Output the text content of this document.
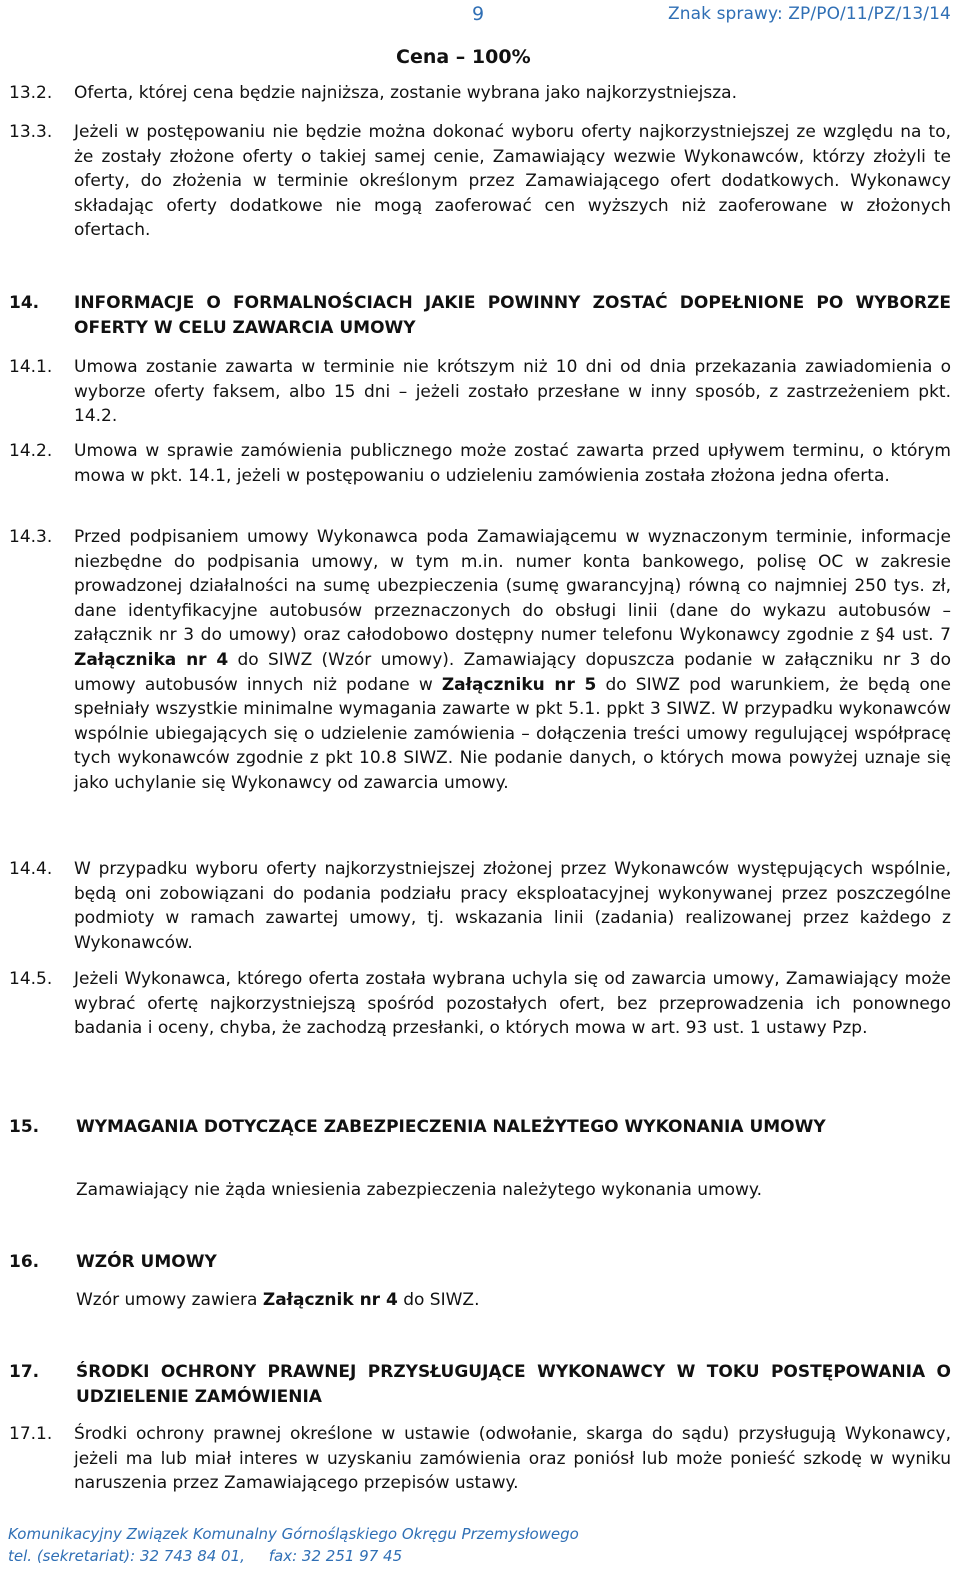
9	Znak sprawy: ZP/PO/11/PZ/13/14
Cena – 100%
13.2. Oferta, której cena będzie najniższa, zostanie wybrana jako najkorzystniejsza.
13.3. Jeżeli w postępowaniu nie będzie można dokonać wyboru oferty najkorzystniejszej ze względu na to, że zostały złożone oferty o takiej samej cenie, Zamawiający wezwie Wykonawców, którzy złożyli te oferty, do złożenia w terminie określonym przez Zamawiającego ofert dodatkowych. Wykonawcy składając oferty dodatkowe nie mogą zaoferować cen wyższych niż zaoferowane w złożonych ofertach.
14. INFORMACJE O FORMALNOŚCIACH JAKIE POWINNY ZOSTAĆ DOPEŁNIONE PO WYBORZE OFERTY W CELU ZAWARCIA UMOWY
14.1. Umowa zostanie zawarta w terminie nie krótszym niż 10 dni od dnia przekazania zawiadomienia o wyborze oferty faksem, albo 15 dni – jeżeli zostało przesłane w inny sposób, z zastrzeżeniem pkt. 14.2.
14.2. Umowa w sprawie zamówienia publicznego może zostać zawarta przed upływem terminu, o którym mowa w pkt. 14.1, jeżeli w postępowaniu o udzieleniu zamówienia została złożona jedna oferta.
14.3. Przed podpisaniem umowy Wykonawca poda Zamawiającemu w wyznaczonym terminie, informacje niezbędne do podpisania umowy, w tym m.in. numer konta bankowego, polisę OC w zakresie prowadzonej działalności na sumę ubezpieczenia (sumę gwarancyjną) równą co najmniej 250 tys. zł, dane identyfikacyjne autobusów przeznaczonych do obsługi linii (dane do wykazu autobusów – załącznik nr 3 do umowy) oraz całodobowo dostępny numer telefonu Wykonawcy zgodnie z §4 ust. 7 Załącznika nr 4 do SIWZ (Wzór umowy). Zamawiający dopuszcza podanie w załączniku nr 3 do umowy autobusów innych niż podane w Załączniku nr 5 do SIWZ pod warunkiem, że będą one spełniały wszystkie minimalne wymagania zawarte w pkt 5.1. ppkt 3 SIWZ. W przypadku wykonawców wspólnie ubiegających się o udzielenie zamówienia – dołączenia treści umowy regulującej współpracę tych wykonawców zgodnie z pkt 10.8 SIWZ. Nie podanie danych, o których mowa powyżej uznaje się jako uchylanie się Wykonawcy od zawarcia umowy.
14.4. W przypadku wyboru oferty najkorzystniejszej złożonej przez Wykonawców występujących wspólnie, będą oni zobowiązani do podania podziału pracy eksploatacyjnej wykonywanej przez poszczególne podmioty w ramach zawartej umowy, tj. wskazania linii (zadania) realizowanej przez każdego z Wykonawców.
14.5. Jeżeli Wykonawca, którego oferta została wybrana uchyla się od zawarcia umowy, Zamawiający może wybrać ofertę najkorzystniejszą spośród pozostałych ofert, bez przeprowadzenia ich ponownego badania i oceny, chyba, że zachodzą przesłanki, o których mowa w art. 93 ust. 1 ustawy Pzp.
15. WYMAGANIA DOTYCZĄCE ZABEZPIECZENIA NALEŻYTEGO WYKONANIA UMOWY
Zamawiający nie żąda wniesienia zabezpieczenia należytego wykonania umowy.
16. WZÓR UMOWY
Wzór umowy zawiera Załącznik nr 4 do SIWZ.
17. ŚRODKI OCHRONY PRAWNEJ PRZYSŁUGUJĄCE WYKONAWCY W TOKU POSTĘPOWANIA O UDZIELENIE ZAMÓWIENIA
17.1. Środki ochrony prawnej określone w ustawie (odwołanie, skarga do sądu) przysługują Wykonawcy, jeżeli ma lub miał interes w uzyskaniu zamówienia oraz poniósł lub może ponieść szkodę w wyniku naruszenia przez Zamawiającego przepisów ustawy.
Komunikacyjny Związek Komunalny Górnośląskiego Okręgu Przemysłowego
tel. (sekretariat): 32 743 84 01,     fax: 32 251 97 45
